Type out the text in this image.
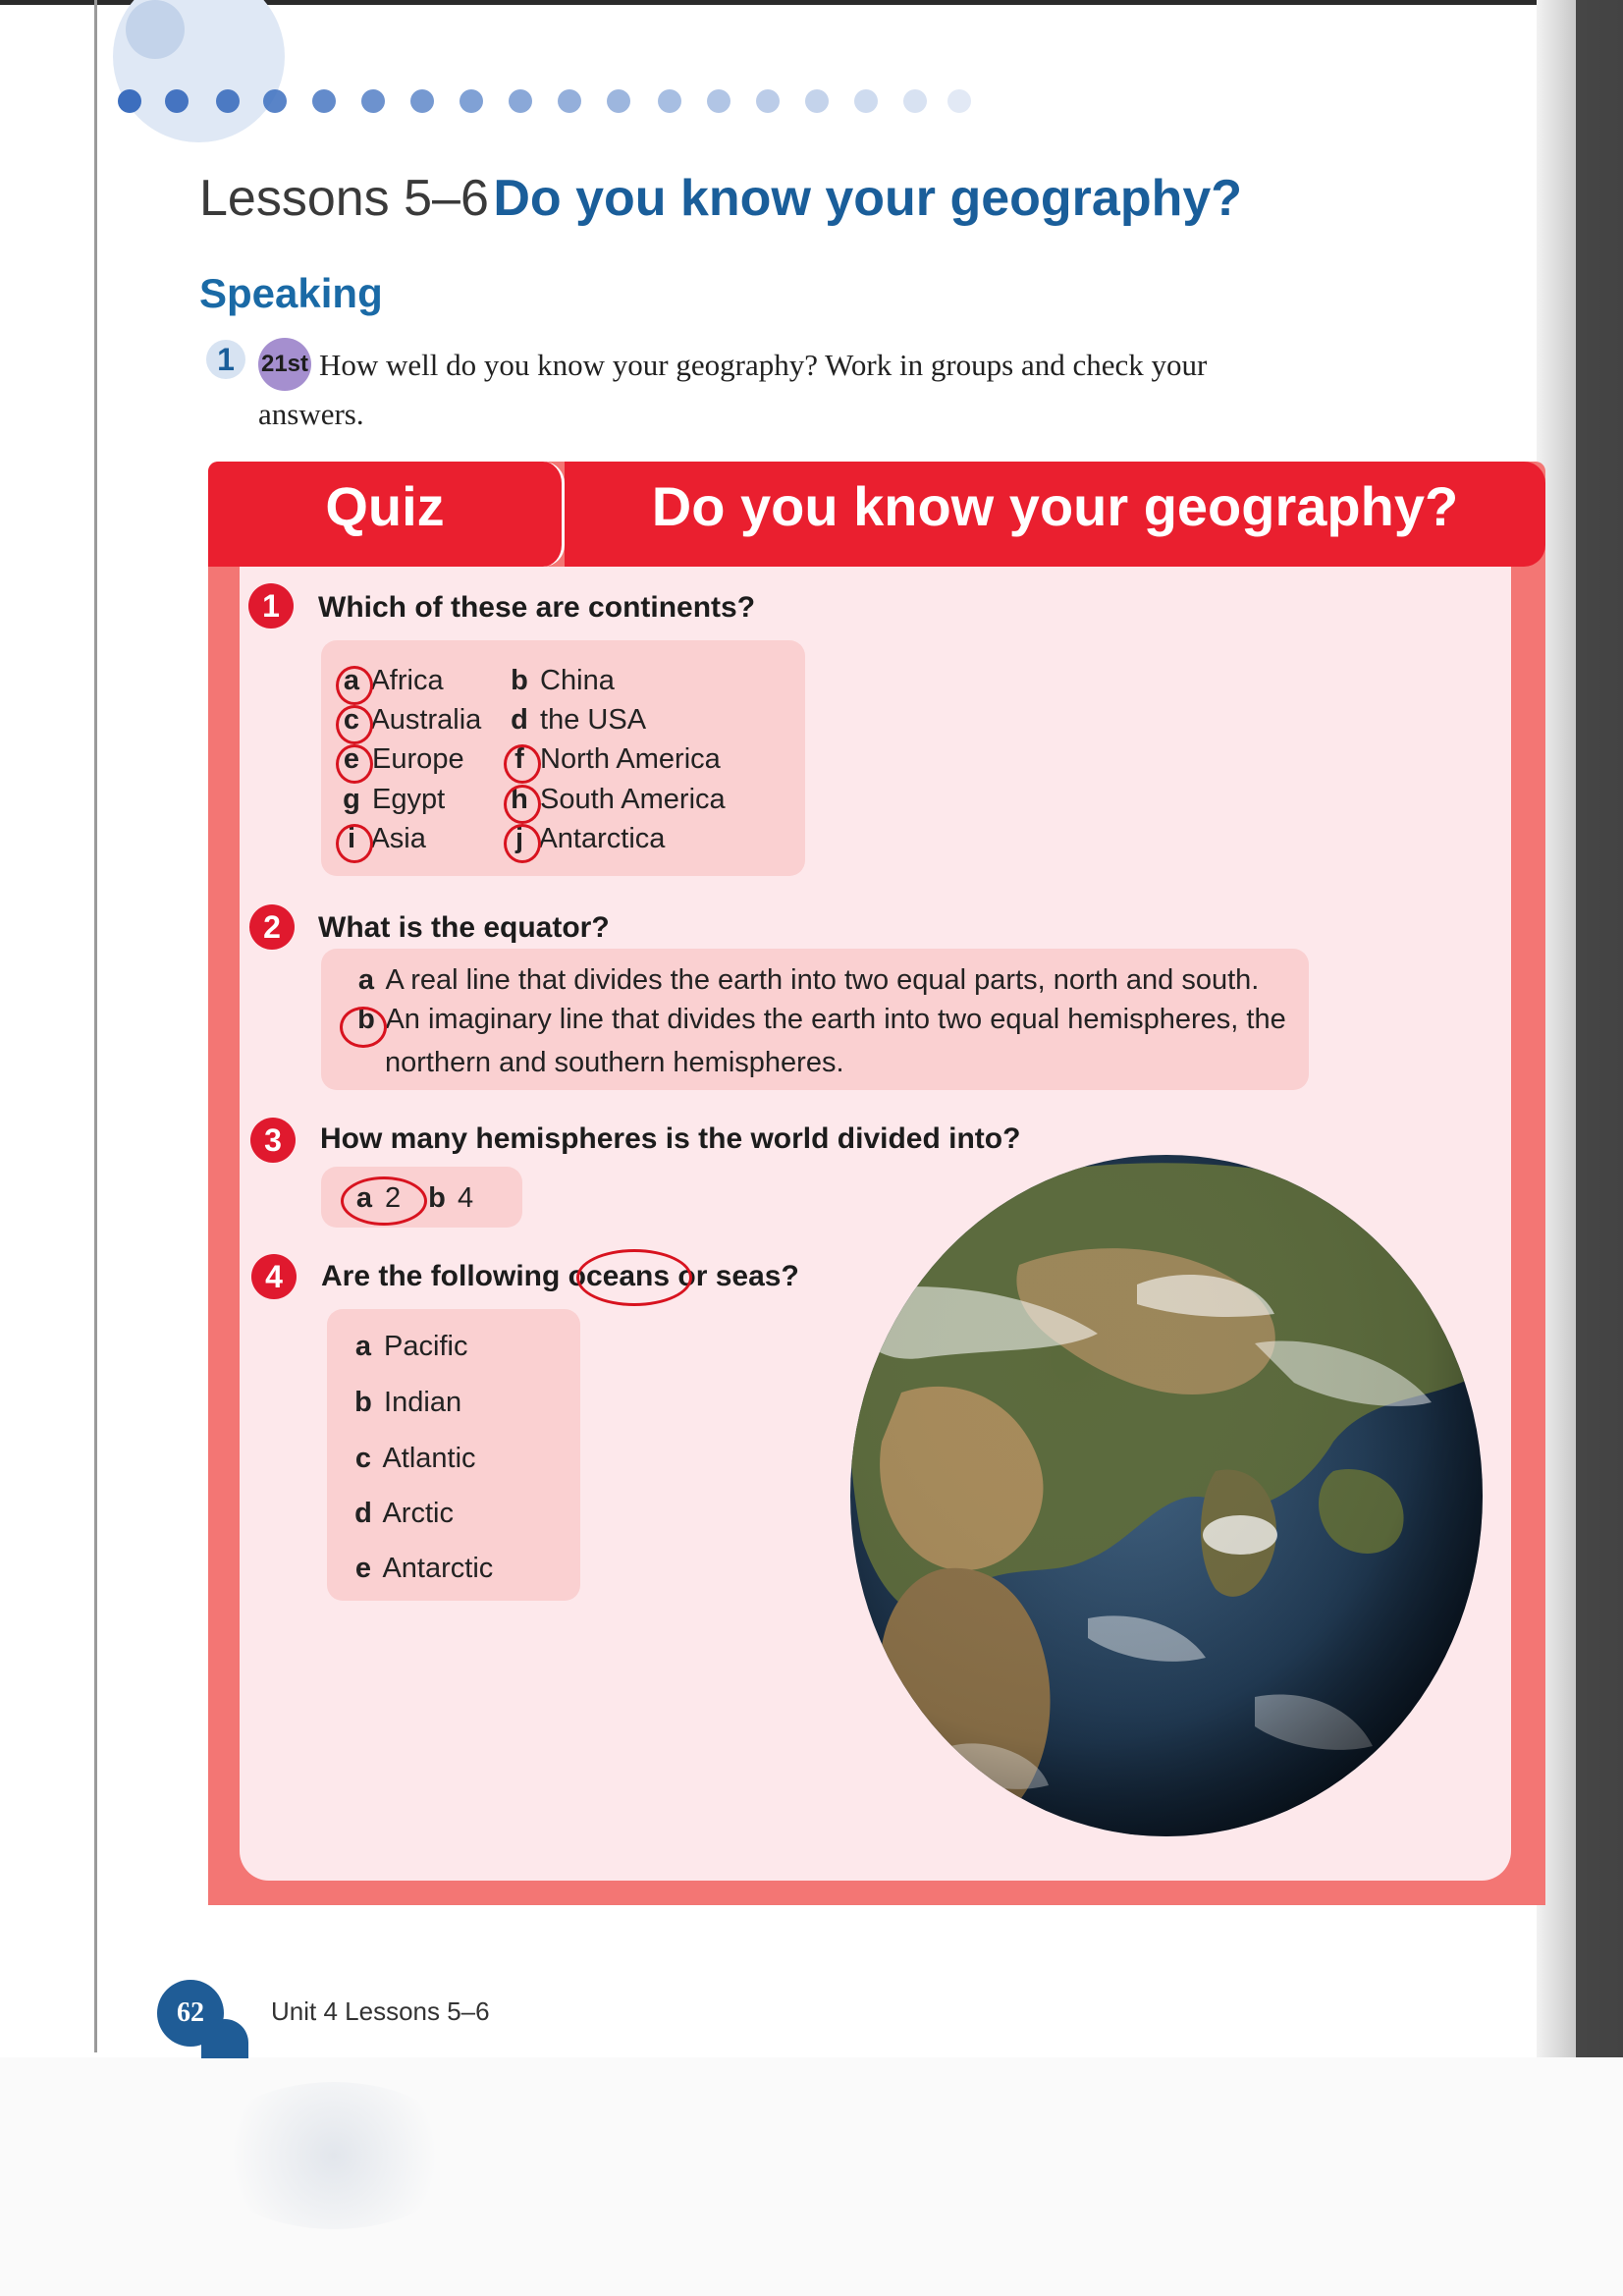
Lessons 5–6 Do you know your geography?
Speaking
1	How well do you know your geography? Work in groups and check your answers.
21st
Quiz	Do you know your geography?
1	Which of these are continents?
a Africa b China
c Australia d the USA
e Europe f North America
g Egypt h South America
i Asia	j Antarctica
2	What is the equator?
a A real line that divides the earth into two equal parts, north and south.
b An imaginary line that divides the earth into two equal hemispheres, the
northern and southern hemispheres.
3	How many hemispheres is the world divided into?
a 2 b 4
4	Are the following oceans or seas?
a Pacific
b Indian
c Atlantic
d Arctic
e Antarctic
62	Unit 4 Lessons 5–6
